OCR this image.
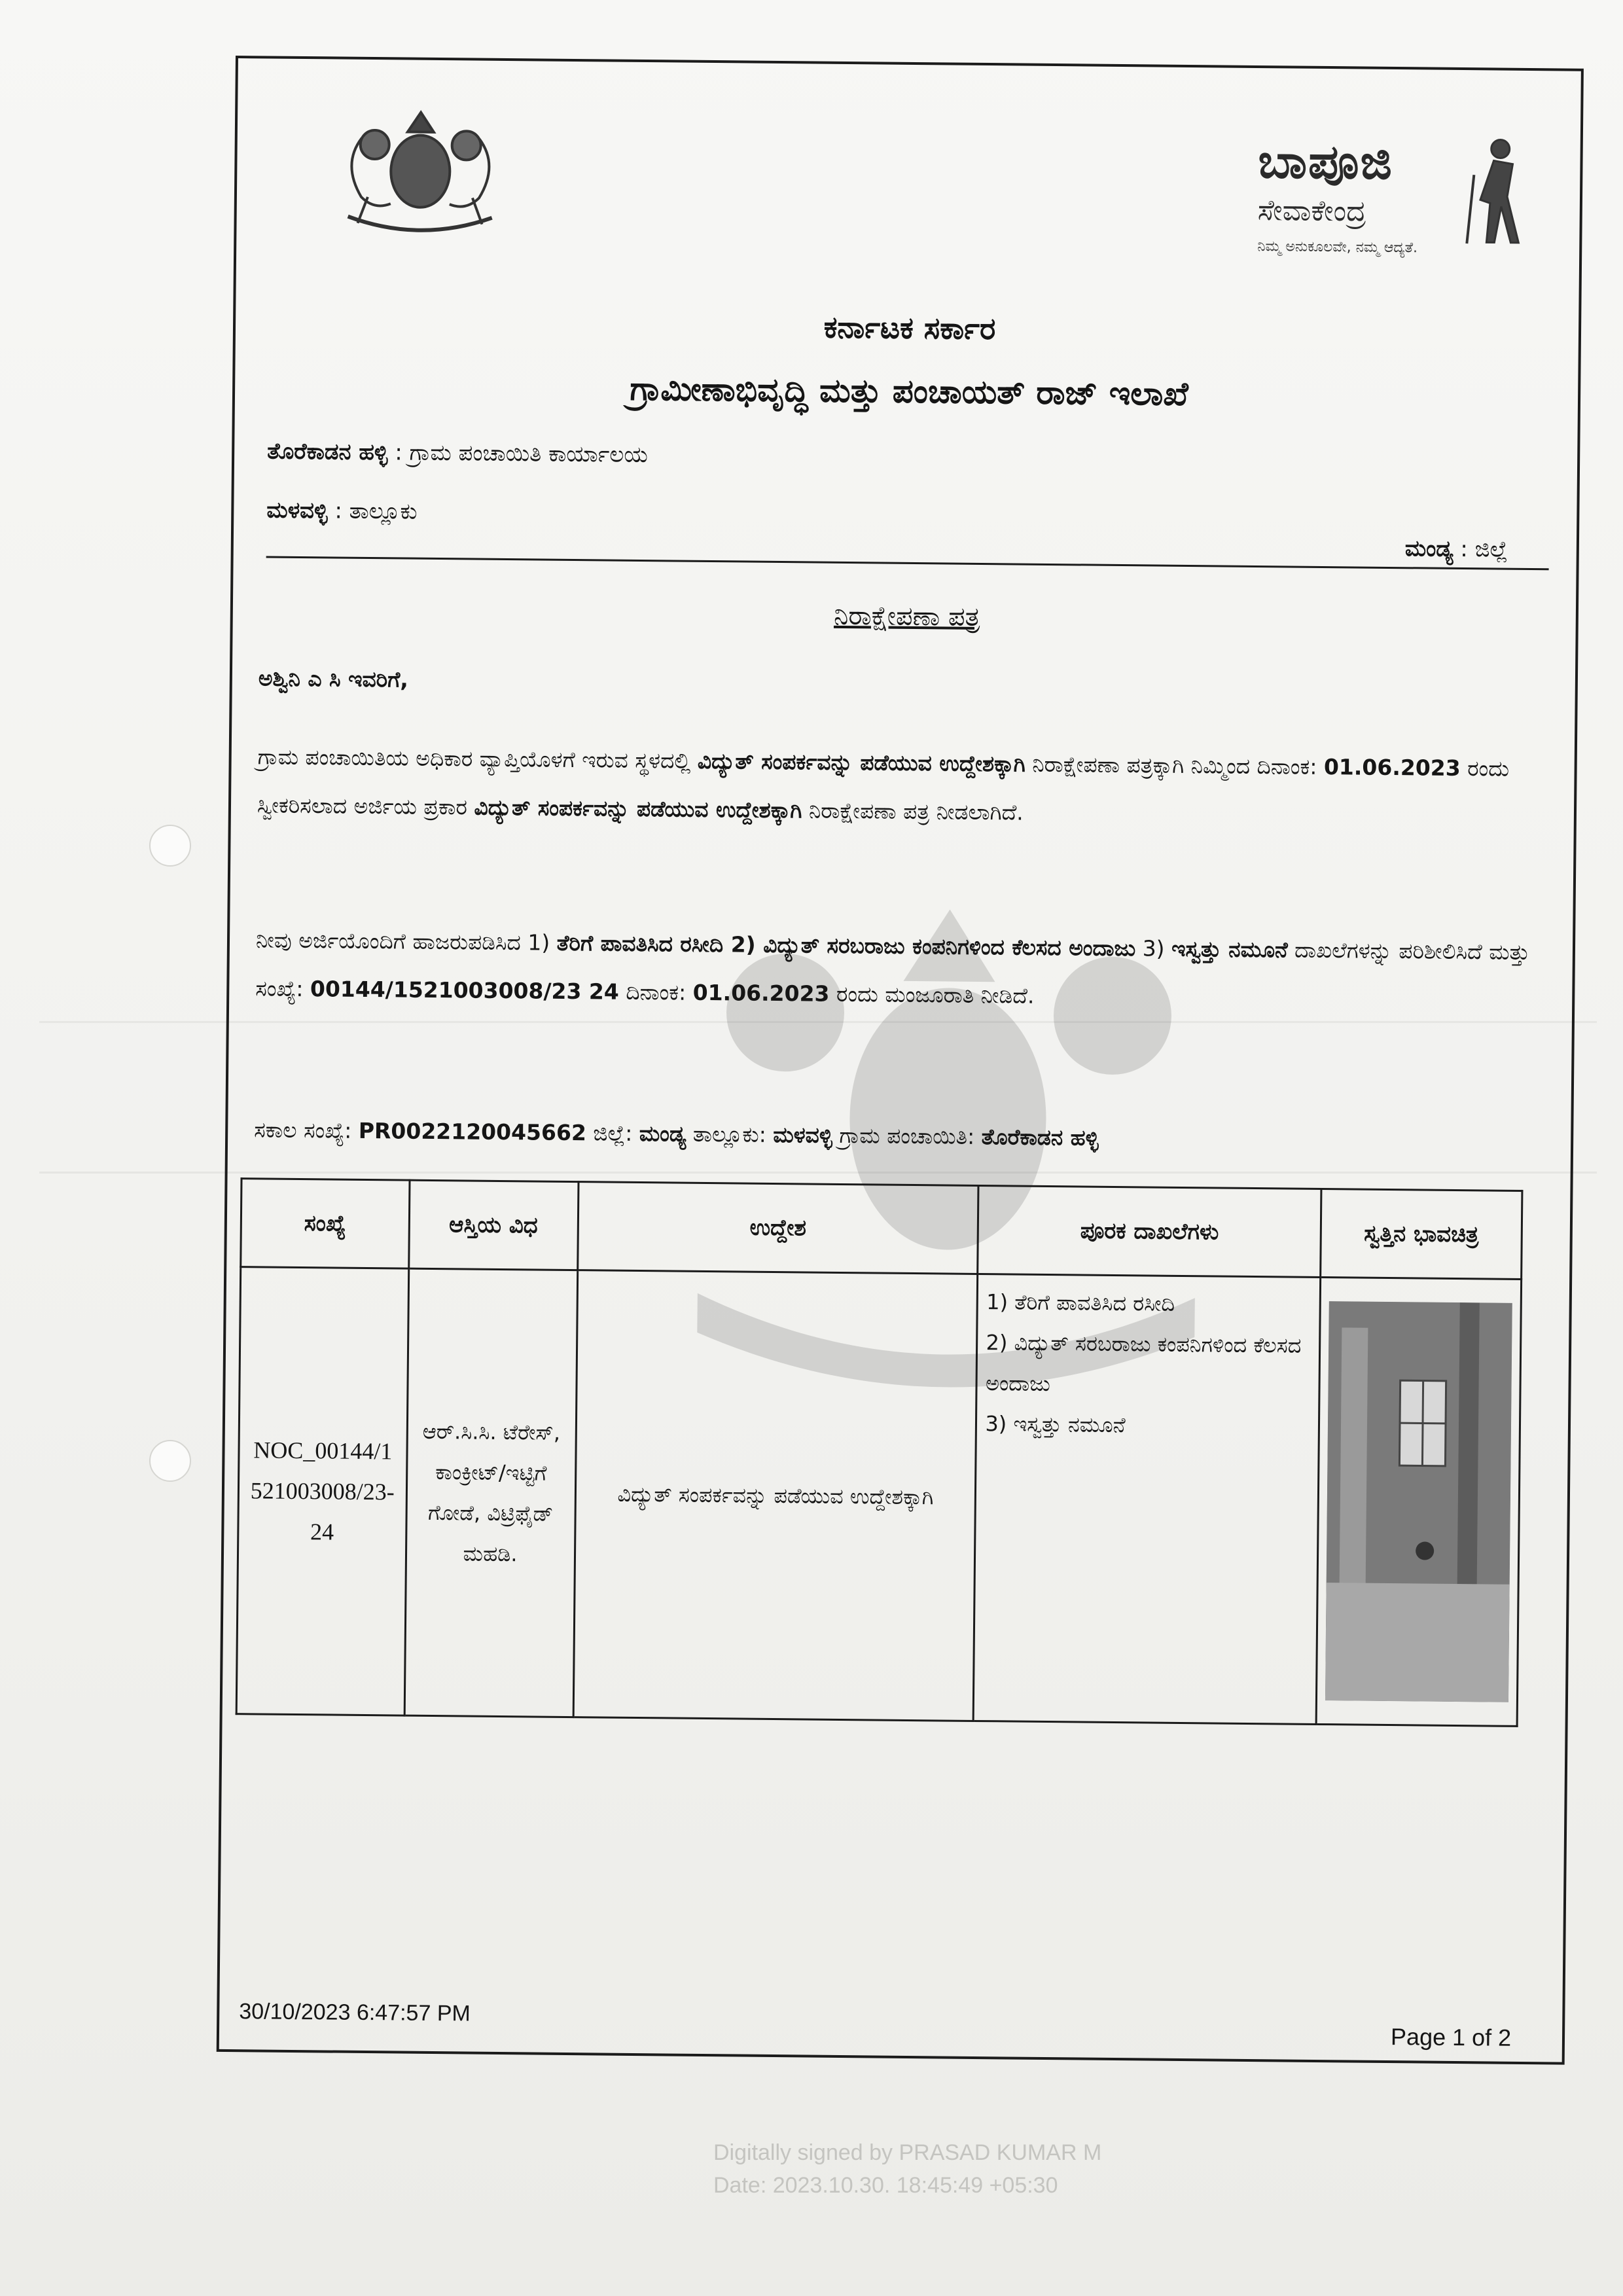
Digitally signed by PRASAD KUMAR M
Date: 2023.10.30. 18:45:49 +05:30
ಬಾಪೂಜಿ
ಸೇವಾಕೇಂದ್ರ
ನಿಮ್ಮ ಅನುಕೂಲವೇ, ನಮ್ಮ ಆದ್ಯತೆ.
ಕರ್ನಾಟಕ ಸರ್ಕಾರ
ಗ್ರಾಮೀಣಾಭಿವೃದ್ಧಿ ಮತ್ತು ಪಂಚಾಯತ್ ರಾಜ್ ಇಲಾಖೆ
ತೊರೆಕಾಡನ ಹಳ್ಳಿ : ಗ್ರಾಮ ಪಂಚಾಯಿತಿ ಕಾರ್ಯಾಲಯ
ಮಳವಳ್ಳಿ : ತಾಲ್ಲೂಕು
ಮಂಡ್ಯ : ಜಿಲ್ಲೆ
ನಿರಾಕ್ಷೇಪಣಾ ಪತ್ರ
ಅಶ್ವಿನಿ ಎ ಸಿ ಇವರಿಗೆ,
ಗ್ರಾಮ ಪಂಚಾಯಿತಿಯ ಅಧಿಕಾರ ವ್ಯಾಪ್ತಿಯೊಳಗೆ ಇರುವ ಸ್ಥಳದಲ್ಲಿ ವಿದ್ಯುತ್ ಸಂಪರ್ಕವನ್ನು ಪಡೆಯುವ ಉದ್ದೇಶಕ್ಕಾಗಿ ನಿರಾಕ್ಷೇಪಣಾ ಪತ್ರಕ್ಕಾಗಿ ನಿಮ್ಮಿಂದ ದಿನಾಂಕ: 01.06.2023 ರಂದು ಸ್ವೀಕರಿಸಲಾದ ಅರ್ಜಿಯ ಪ್ರಕಾರ ವಿದ್ಯುತ್ ಸಂಪರ್ಕವನ್ನು ಪಡೆಯುವ ಉದ್ದೇಶಕ್ಕಾಗಿ ನಿರಾಕ್ಷೇಪಣಾ ಪತ್ರ ನೀಡಲಾಗಿದೆ.
ನೀವು ಅರ್ಜಿಯೊಂದಿಗೆ ಹಾಜರುಪಡಿಸಿದ 1) ತೆರಿಗೆ ಪಾವತಿಸಿದ ರಸೀದಿ 2) ವಿದ್ಯುತ್ ಸರಬರಾಜು ಕಂಪನಿಗಳಿಂದ ಕೆಲಸದ ಅಂದಾಜು 3) ಇಸ್ವತ್ತು ನಮೂನೆ ದಾಖಲೆಗಳನ್ನು ಪರಿಶೀಲಿಸಿದೆ ಮತ್ತು ಸಂಖ್ಯೆ: 00144/1521003008/23 24 ದಿನಾಂಕ: 01.06.2023 ರಂದು ಮಂಜೂರಾತಿ ನೀಡಿದೆ.
ಸಕಾಲ ಸಂಖ್ಯೆ: PR0022120045662 ಜಿಲ್ಲೆ: ಮಂಡ್ಯ ತಾಲ್ಲೂಕು: ಮಳವಳ್ಳಿ ಗ್ರಾಮ ಪಂಚಾಯಿತಿ: ತೊರೆಕಾಡನ ಹಳ್ಳಿ
ಸಂಖ್ಯೆ	ಆಸ್ತಿಯ ವಿಧ	ಉದ್ದೇಶ	ಪೂರಕ ದಾಖಲೆಗಳು	ಸ್ವತ್ತಿನ ಭಾವಚಿತ್ರ
NOC_00144/1521003008/23-24	ಆರ್.ಸಿ.ಸಿ. ಟೆರೇಸ್, ಕಾಂಕ್ರೀಟ್/ಇಟ್ಟಿಗೆ ಗೋಡೆ, ವಿಟ್ರಿಫೈಡ್ ಮಹಡಿ.	ವಿದ್ಯುತ್ ಸಂಪರ್ಕವನ್ನು ಪಡೆಯುವ ಉದ್ದೇಶಕ್ಕಾಗಿ	1) ತೆರಿಗೆ ಪಾವತಿಸಿದ ರಸೀದಿ
2) ವಿದ್ಯುತ್ ಸರಬರಾಜು ಕಂಪನಿಗಳಿಂದ ಕೆಲಸದ ಅಂದಾಜು
3) ಇಸ್ವತ್ತು ನಮೂನೆ

30/10/2023 6:47:57 PM
Page 1 of 2
